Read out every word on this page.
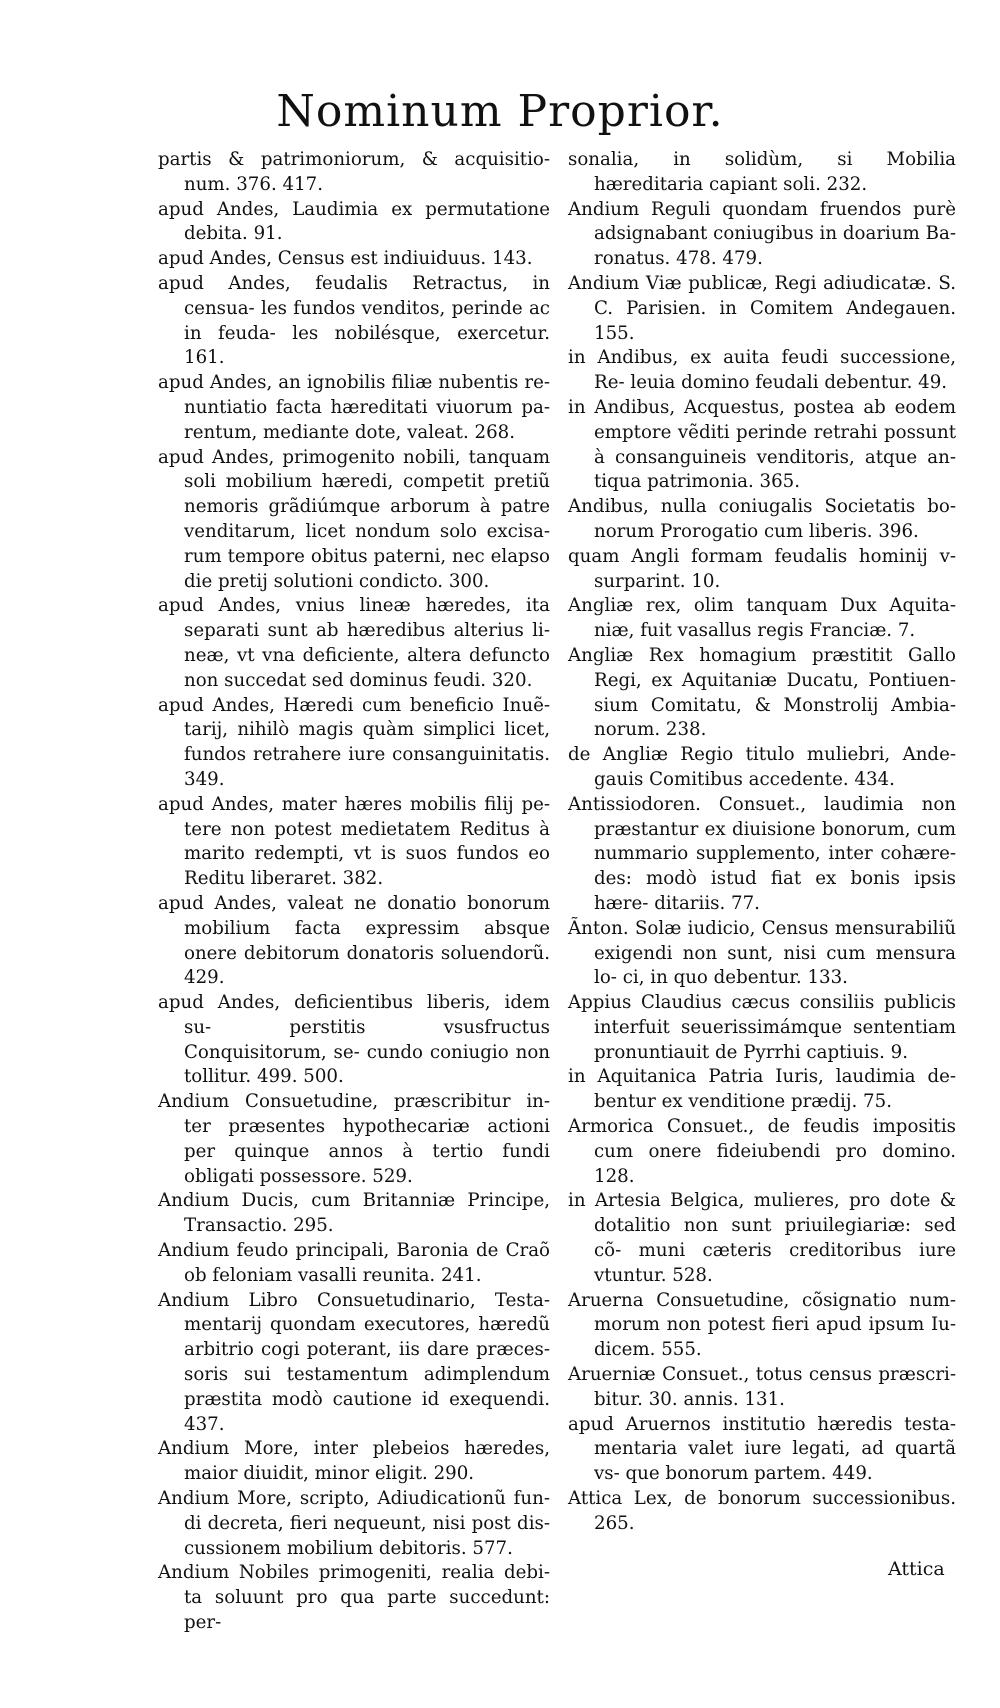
Nominum Proprior.

partis & patrimoniorum, & acquisitio- num. 376. 417.

apud Andes, Laudimia ex permutatione debita. 91.

apud Andes, Census est indiuiduus. 143.

apud Andes, feudalis Retractus, in censua- les fundos venditos, perinde ac in feuda- les nobilésque, exercetur. 161.

apud Andes, an ignobilis filiæ nubentis re- nuntiatio facta hæreditati viuorum pa- rentum, mediante dote, valeat. 268.

apud Andes, primogenito nobili, tanquam soli mobilium hæredi, competit pretiũ nemoris grãdiúmque arborum à patre venditarum, licet nondum solo excisa- rum tempore obitus paterni, nec elapso die pretij solutioni condicto. 300.

apud Andes, vnius lineæ hæredes, ita separati sunt ab hæredibus alterius li- neæ, vt vna deficiente, altera defuncto non succedat sed dominus feudi. 320.

apud Andes, Hæredi cum beneficio Inuẽ- tarij, nihilò magis quàm simplici licet, fundos retrahere iure consanguinitatis. 349.

apud Andes, mater hæres mobilis filij pe- tere non potest medietatem Reditus à marito redempti, vt is suos fundos eo Reditu liberaret. 382.

apud Andes, valeat ne donatio bonorum mobilium facta expressim absque onere debitorum donatoris soluendorũ. 429.

apud Andes, deficientibus liberis, idem su- perstitis vsusfructus Conquisitorum, se- cundo coniugio non tollitur. 499. 500.

Andium Consuetudine, præscribitur in- ter præsentes hypothecariæ actioni per quinque annos à tertio fundi obligati possessore. 529.

Andium Ducis, cum Britanniæ Principe, Transactio. 295.

Andium feudo principali, Baronia de Craõ ob feloniam vasalli reunita. 241.

Andium Libro Consuetudinario, Testa- mentarij quondam executores, hæredũ arbitrio cogi poterant, iis dare præces- soris sui testamentum adimplendum præstita modò cautione id exequendi. 437.

Andium More, inter plebeios hæredes, maior diuidit, minor eligit. 290.

Andium More, scripto, Adiudicationũ fun- di decreta, fieri nequeunt, nisi post dis- cussionem mobilium debitoris. 577.

Andium Nobiles primogeniti, realia debi- ta soluunt pro qua parte succedunt: per-

sonalia, in solidùm, si Mobilia hæreditaria capiant soli. 232.

Andium Reguli quondam fruendos purè adsignabant coniugibus in doarium Ba- ronatus. 478. 479.

Andium Viæ publicæ, Regi adiudicatæ. S. C. Parisien. in Comitem Andegauen. 155.

in Andibus, ex auita feudi successione, Re- leuia domino feudali debentur. 49.

in Andibus, Acquestus, postea ab eodem emptore vẽditi perinde retrahi possunt à consanguineis venditoris, atque an- tiqua patrimonia. 365.

Andibus, nulla coniugalis Societatis bo- norum Prorogatio cum liberis. 396.

quam Angli formam feudalis hominij v- surparint. 10.

Angliæ rex, olim tanquam Dux Aquita- niæ, fuit vasallus regis Franciæ. 7.

Angliæ Rex homagium præstitit Gallo Regi, ex Aquitaniæ Ducatu, Pontiuen- sium Comitatu, & Monstrolij Ambia- norum. 238.

de Angliæ Regio titulo muliebri, Ande- gauis Comitibus accedente. 434.

Antissiodoren. Consuet., laudimia non præstantur ex diuisione bonorum, cum nummario supplemento, inter cohære- des: modò istud fiat ex bonis ipsis hære- ditariis. 77.

Ãnton. Solæ iudicio, Census mensurabiliũ exigendi non sunt, nisi cum mensura lo- ci, in quo debentur. 133.

Appius Claudius cæcus consiliis publicis interfuit seuerissimámque sententiam pronuntiauit de Pyrrhi captiuis. 9.

in Aquitanica Patria Iuris, laudimia de- bentur ex venditione prædij. 75.

Armorica Consuet., de feudis impositis cum onere fideiubendi pro domino. 128.

in Artesia Belgica, mulieres, pro dote & dotalitio non sunt priuilegiariæ: sed cõ- muni cæteris creditoribus iure vtuntur. 528.

Aruerna Consuetudine, cõsignatio num- morum non potest fieri apud ipsum Iu- dicem. 555.

Aruerniæ Consuet., totus census præscri- bitur. 30. annis. 131.

apud Aruernos institutio hæredis testa- mentaria valet iure legati, ad quartã vs- que bonorum partem. 449.

Attica Lex, de bonorum successionibus. 265.

Attica
